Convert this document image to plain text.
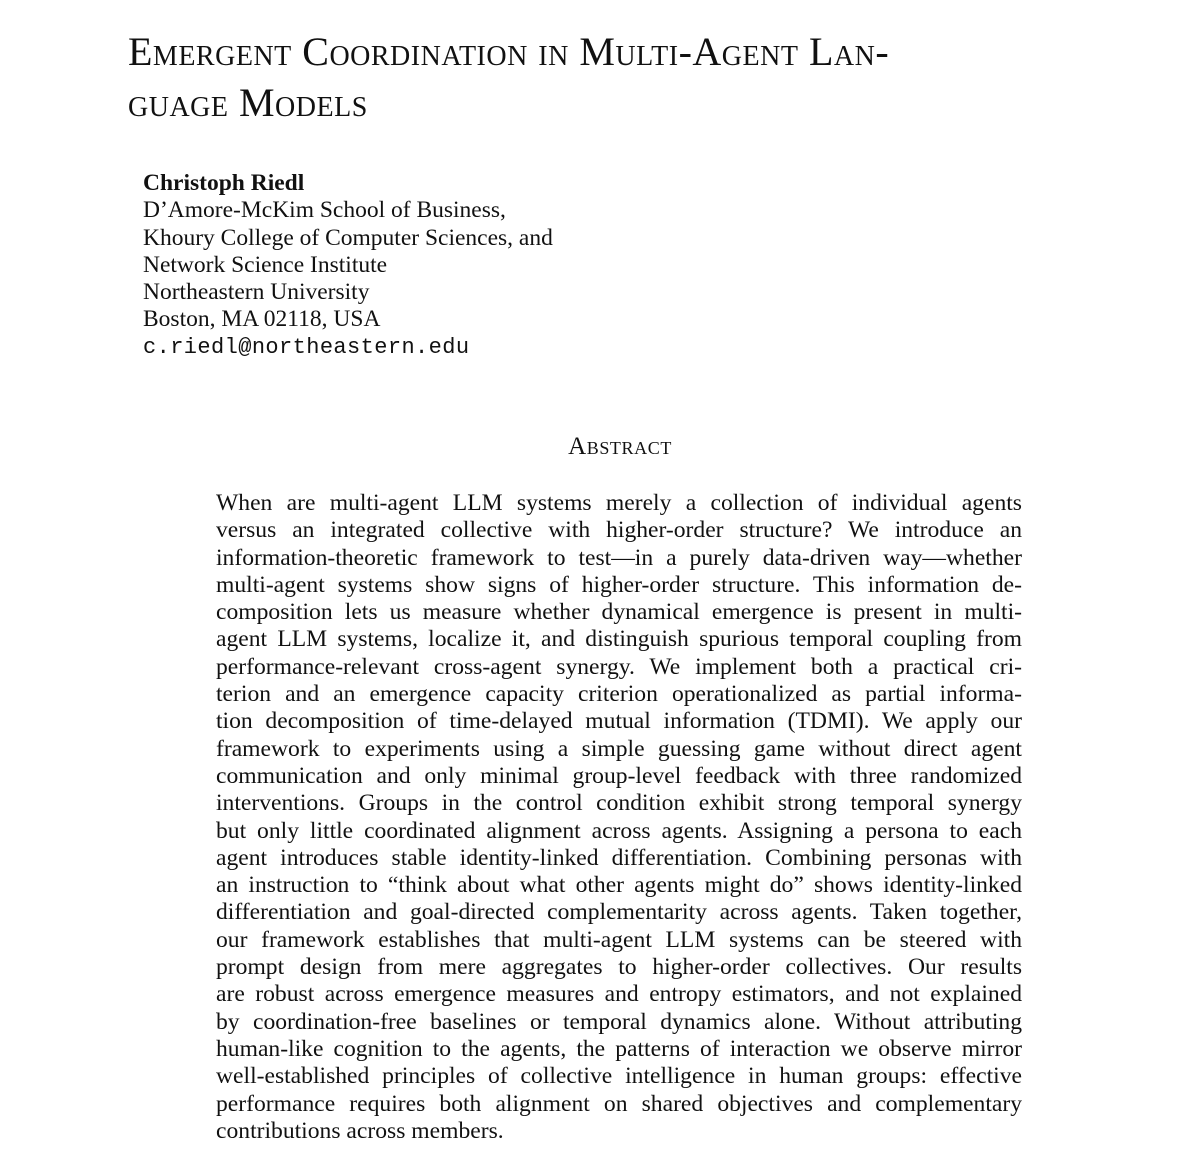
Emergent Coordination in Multi-Agent Lan-
guage Models
Christoph Riedl
D’Amore-McKim School of Business,
Khoury College of Computer Sciences, and
Network Science Institute
Northeastern University
Boston, MA 02118, USA
c.riedl@northeastern.edu
Abstract
When are multi-agent LLM systems merely a collection of individual agents
versus an integrated collective with higher-order structure? We introduce an
information-theoretic framework to test—in a purely data-driven way—whether
multi-agent systems show signs of higher-order structure. This information de-
composition lets us measure whether dynamical emergence is present in multi-
agent LLM systems, localize it, and distinguish spurious temporal coupling from
performance-relevant cross-agent synergy. We implement both a practical cri-
terion and an emergence capacity criterion operationalized as partial informa-
tion decomposition of time-delayed mutual information (TDMI). We apply our
framework to experiments using a simple guessing game without direct agent
communication and only minimal group-level feedback with three randomized
interventions. Groups in the control condition exhibit strong temporal synergy
but only little coordinated alignment across agents. Assigning a persona to each
agent introduces stable identity-linked differentiation. Combining personas with
an instruction to “think about what other agents might do” shows identity-linked
differentiation and goal-directed complementarity across agents. Taken together,
our framework establishes that multi-agent LLM systems can be steered with
prompt design from mere aggregates to higher-order collectives. Our results
are robust across emergence measures and entropy estimators, and not explained
by coordination-free baselines or temporal dynamics alone. Without attributing
human-like cognition to the agents, the patterns of interaction we observe mirror
well-established principles of collective intelligence in human groups: effective
performance requires both alignment on shared objectives and complementary
contributions across members.
